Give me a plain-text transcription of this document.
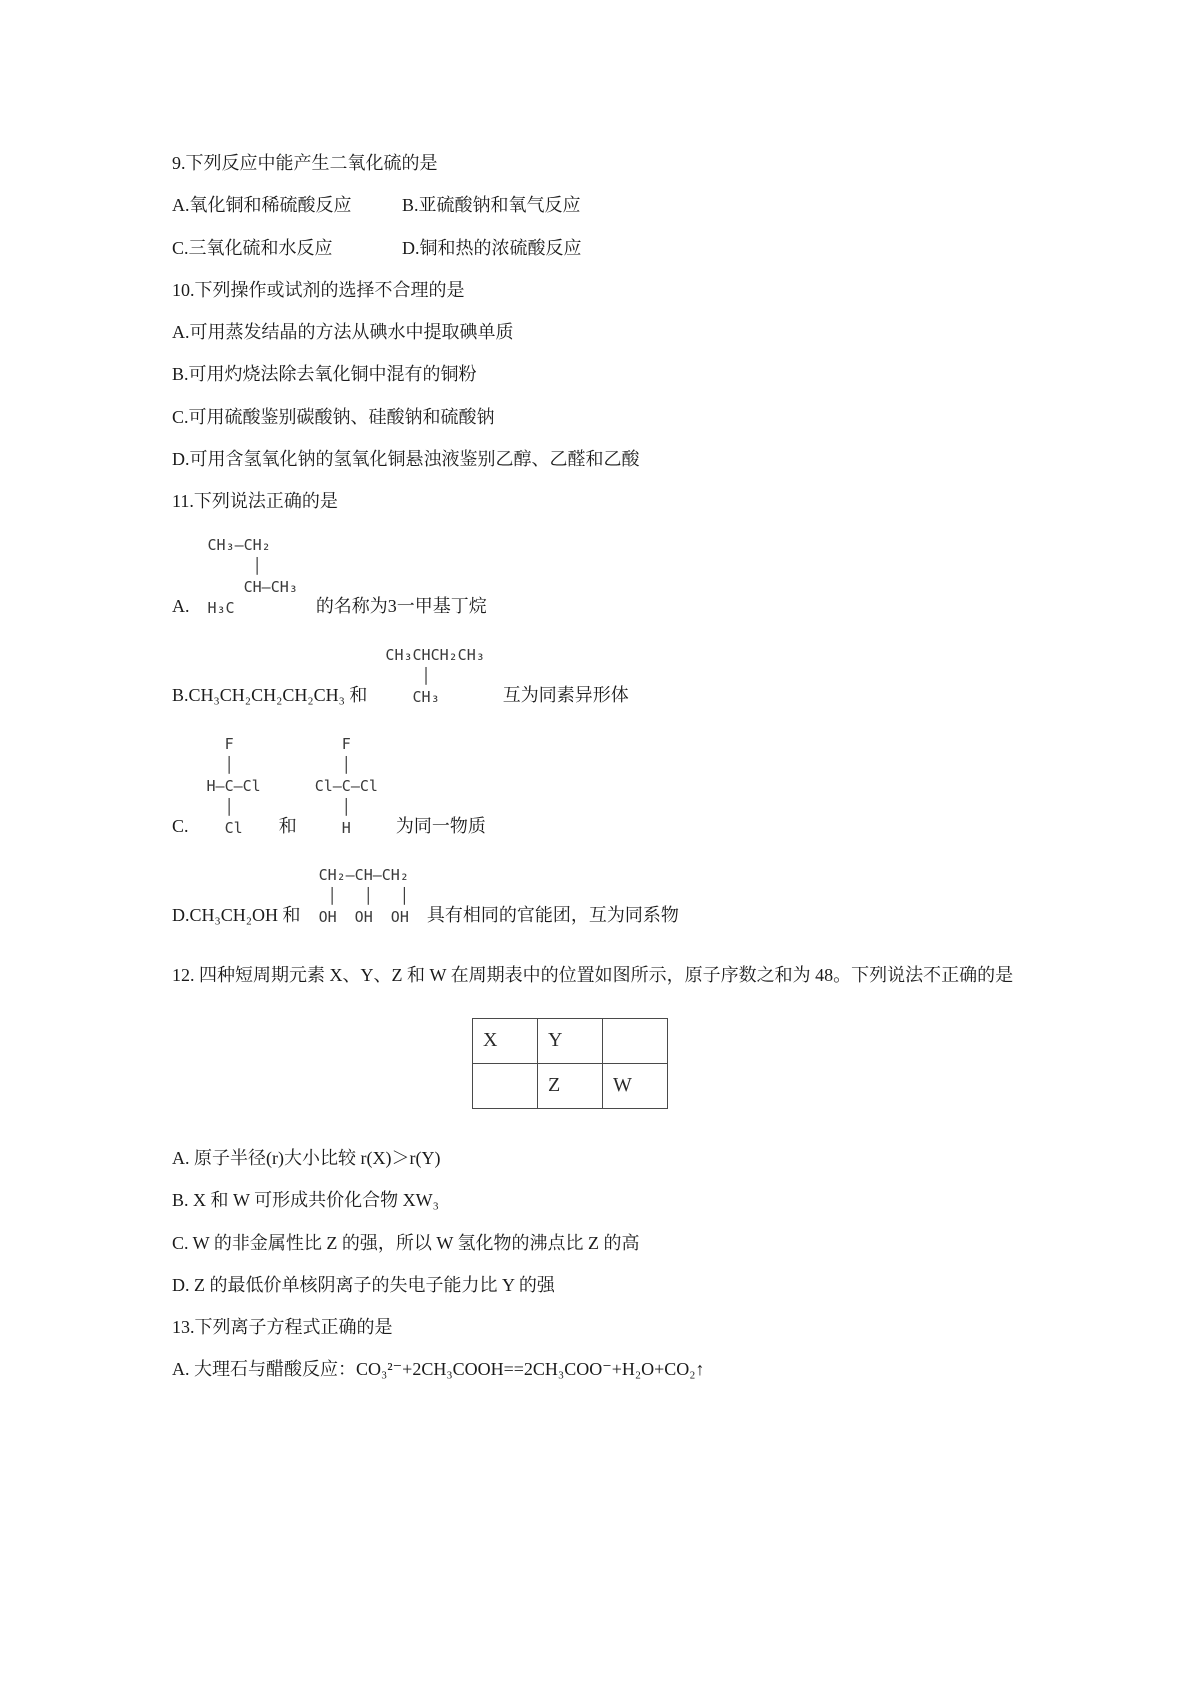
9.下列反应中能产生二氧化硫的是
A.氧化铜和稀硫酸反应	B.亚硫酸钠和氧气反应
C.三氧化硫和水反应	D.铜和热的浓硫酸反应
10.下列操作或试剂的选择不合理的是
A.可用蒸发结晶的方法从碘水中提取碘单质
B.可用灼烧法除去氧化铜中混有的铜粉
C.可用硫酸鉴别碳酸钠、硅酸钠和硫酸钠
D.可用含氢氧化钠的氢氧化铜悬浊液鉴别乙醇、乙醛和乙酸
11.下列说法正确的是
A.
CH₃—CH₂
│
CH—CH₃
H₃C	的名称为3一甲基丁烷
B.CH₃CH₂CH₂CH₂CH₃ 和
CH₃CHCH₂CH₃
│
CH₃	互为同素异形体
C.
F
│
H—C—Cl
│
Cl	和
F
│
Cl—C—Cl
│
H	为同一物质
D.CH₃CH₂OH 和
CH₂—CH—CH₂
│   │   │
OH  OH  OH 具有相同的官能团，互为同系物
12. 四种短周期元素 X、Y、Z 和 W 在周期表中的位置如图所示，原子序数之和为 48。下列说法不正确的是
X	Y	
	Z	W
A. 原子半径(r)大小比较 r(X)＞r(Y)
B. X 和 W 可形成共价化合物 XW₃
C. W 的非金属性比 Z 的强，所以 W 氢化物的沸点比 Z 的高
D. Z 的最低价单核阴离子的失电子能力比 Y 的强
13.下列离子方程式正确的是
A. 大理石与醋酸反应：CO₃²⁻+2CH₃COOH==2CH₃COO⁻+H₂O+CO₂↑
